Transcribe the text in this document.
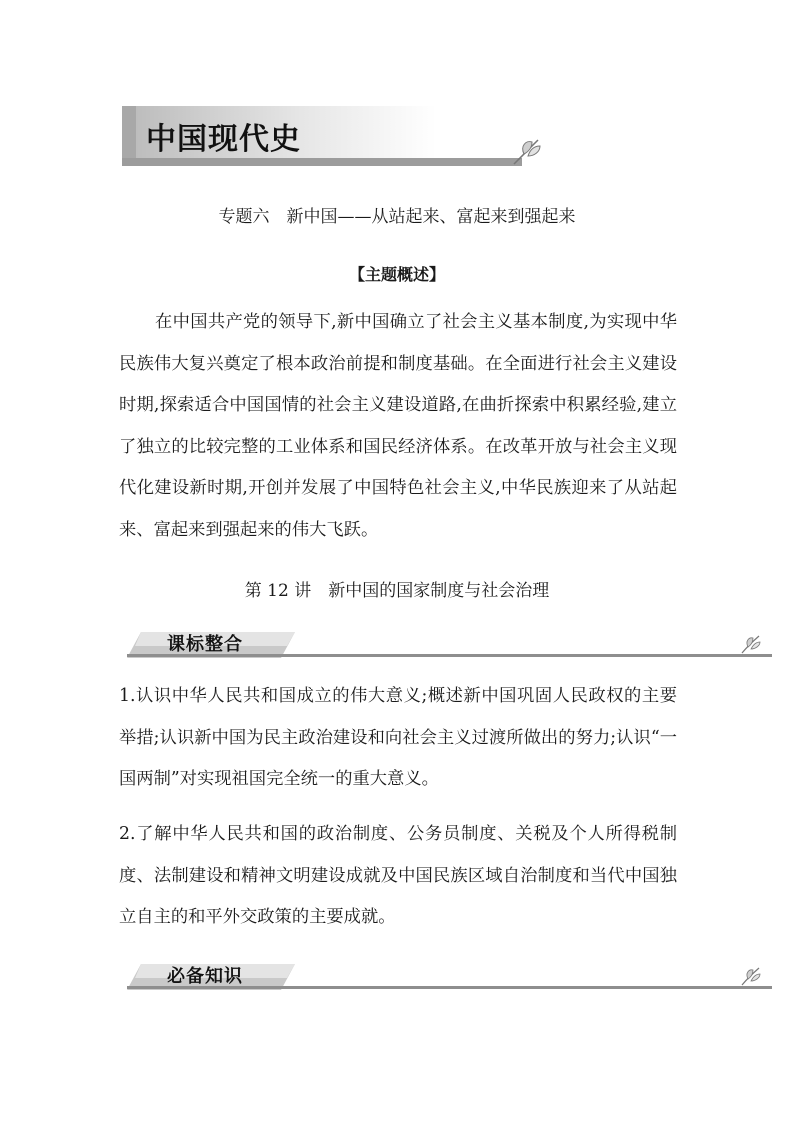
中国现代史
专题六　新中国——从站起来、富起来到强起来
【主题概述】
在中国共产党的领导下,新中国确立了社会主义基本制度,为实现中华民族伟大复兴奠定了根本政治前提和制度基础。在全面进行社会主义建设时期,探索适合中国国情的社会主义建设道路,在曲折探索中积累经验,建立了独立的比较完整的工业体系和国民经济体系。在改革开放与社会主义现代化建设新时期,开创并发展了中国特色社会主义,中华民族迎来了从站起来、富起来到强起来的伟大飞跃。
第 12 讲　新中国的国家制度与社会治理
课标整合
1.认识中华人民共和国成立的伟大意义;概述新中国巩固人民政权的主要举措;认识新中国为民主政治建设和向社会主义过渡所做出的努力;认识“一国两制”对实现祖国完全统一的重大意义。
2.了解中华人民共和国的政治制度、公务员制度、关税及个人所得税制度、法制建设和精神文明建设成就及中国民族区域自治制度和当代中国独立自主的和平外交政策的主要成就。
必备知识
